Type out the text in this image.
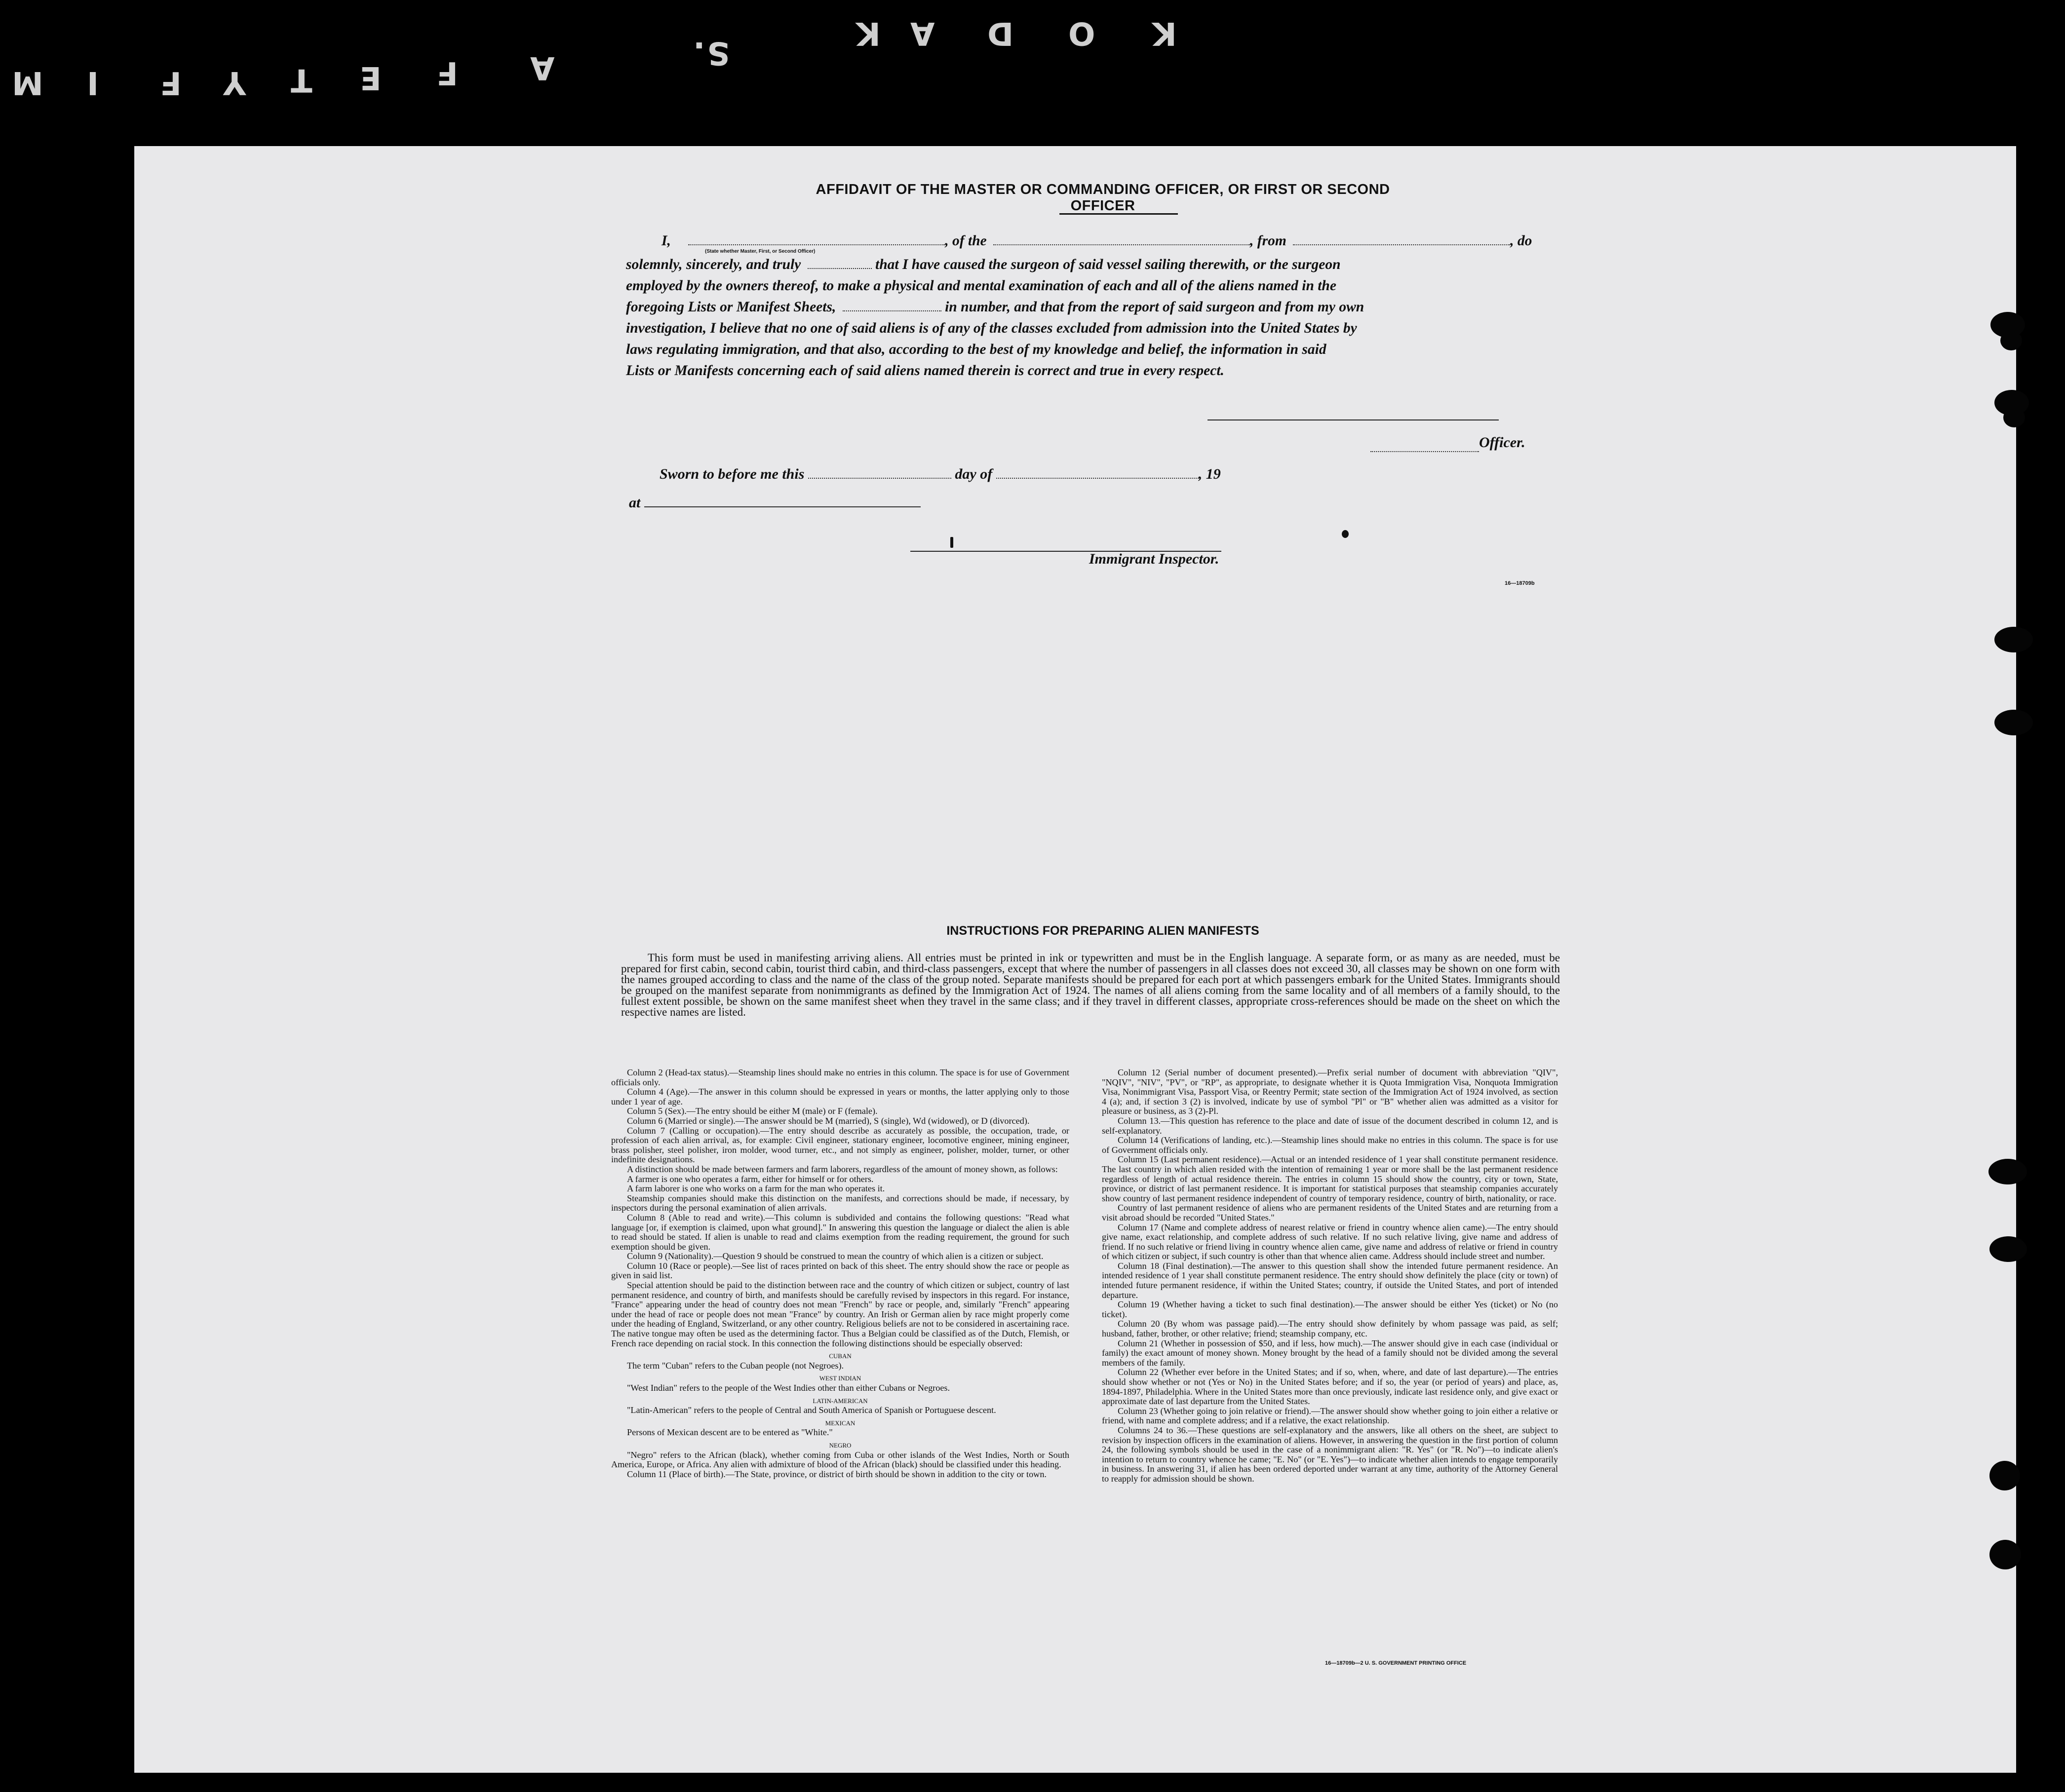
K
O
D
A
K
S.
A
F
E
T
Y
F
I
M
AFFIDAVIT OF THE MASTER OR COMMANDING OFFICER, OR FIRST OR SECOND OFFICER
I,	, of the	, from	, do
(State whether Master, First, or Second Officer)
solemnly, sincerely, and truly	that I have caused the surgeon of said vessel sailing therewith, or the surgeon
employed by the owners thereof, to make a physical and mental examination of each and all of the aliens named in the
foregoing Lists or Manifest Sheets,	in number, and that from the report of said surgeon and from my own
investigation, I believe that no one of said aliens is of any of the classes excluded from admission into the United States by
laws regulating immigration, and that also, according to the best of my knowledge and belief, the information in said
Lists or Manifests concerning each of said aliens named therein is correct and true in every respect.
Officer.
Sworn to before me this	day of	, 19
at
Immigrant Inspector.
16—18709b
INSTRUCTIONS FOR PREPARING ALIEN MANIFESTS
This form must be used in manifesting arriving aliens. All entries must be printed in ink or typewritten and must be in the English language. A separate form, or as many as are needed, must be prepared for first cabin, second cabin, tourist third cabin, and third-class passengers, except that where the number of passengers in all classes does not exceed 30, all classes may be shown on one form with the names grouped according to class and the name of the class of the group noted. Separate manifests should be prepared for each port at which passengers embark for the United States. Immigrants should be grouped on the manifest separate from nonimmigrants as defined by the Immigration Act of 1924. The names of all aliens coming from the same locality and of all members of a family should, to the fullest extent possible, be shown on the same manifest sheet when they travel in the same class; and if they travel in different classes, appropriate cross-references should be made on the sheet on which the respective names are listed.

Column 2 (Head-tax status).—Steamship lines should make no entries in this column. The space is for use of Government officials only.

Column 4 (Age).—The answer in this column should be expressed in years or months, the latter applying only to those under 1 year of age.

Column 5 (Sex).—The entry should be either M (male) or F (female).

Column 6 (Married or single).—The answer should be M (married), S (single), Wd (widowed), or D (divorced).

Column 7 (Calling or occupation).—The entry should describe as accurately as possible, the occupation, trade, or profession of each alien arrival, as, for example: Civil engineer, stationary engineer, locomotive engineer, mining engineer, brass polisher, steel polisher, iron molder, wood turner, etc., and not simply as engineer, polisher, molder, turner, or other indefinite designations.

A distinction should be made between farmers and farm laborers, regardless of the amount of money shown, as follows:

A farmer is one who operates a farm, either for himself or for others.

A farm laborer is one who works on a farm for the man who operates it.

Steamship companies should make this distinction on the manifests, and corrections should be made, if necessary, by inspectors during the personal examination of alien arrivals.

Column 8 (Able to read and write).—This column is subdivided and contains the following questions: "Read what language [or, if exemption is claimed, upon what ground]." In answering this question the language or dialect the alien is able to read should be stated. If alien is unable to read and claims exemption from the reading requirement, the ground for such exemption should be given.

Column 9 (Nationality).—Question 9 should be construed to mean the country of which alien is a citizen or subject.

Column 10 (Race or people).—See list of races printed on back of this sheet. The entry should show the race or people as given in said list.

Special attention should be paid to the distinction between race and the country of which citizen or subject, country of last permanent residence, and country of birth, and manifests should be carefully revised by inspectors in this regard. For instance, "France" appearing under the head of country does not mean "French" by race or people, and, similarly "French" appearing under the head of race or people does not mean "France" by country. An Irish or German alien by race might properly come under the heading of England, Switzerland, or any other country. Religious beliefs are not to be considered in ascertaining race. The native tongue may often be used as the determining factor. Thus a Belgian could be classified as of the Dutch, Flemish, or French race depending on racial stock. In this connection the following distinctions should be especially observed:

CUBAN

The term "Cuban" refers to the Cuban people (not Negroes).

WEST INDIAN

"West Indian" refers to the people of the West Indies other than either Cubans or Negroes.

LATIN-AMERICAN

"Latin-American" refers to the people of Central and South America of Spanish or Portuguese descent.

MEXICAN

Persons of Mexican descent are to be entered as "White."

NEGRO

"Negro" refers to the African (black), whether coming from Cuba or other islands of the West Indies, North or South America, Europe, or Africa. Any alien with admixture of blood of the African (black) should be classified under this heading.

Column 11 (Place of birth).—The State, province, or district of birth should be shown in addition to the city or town.

Column 12 (Serial number of document presented).—Prefix serial number of document with abbreviation "QIV", "NQIV", "NIV", "PV", or "RP", as appropriate, to designate whether it is Quota Immigration Visa, Nonquota Immigration Visa, Nonimmigrant Visa, Passport Visa, or Reentry Permit; state section of the Immigration Act of 1924 involved, as section 4 (a); and, if section 3 (2) is involved, indicate by use of symbol "Pl" or "B" whether alien was admitted as a visitor for pleasure or business, as 3 (2)-Pl.

Column 13.—This question has reference to the place and date of issue of the document described in column 12, and is self-explanatory.

Column 14 (Verifications of landing, etc.).—Steamship lines should make no entries in this column. The space is for use of Government officials only.

Column 15 (Last permanent residence).—Actual or an intended residence of 1 year shall constitute permanent residence. The last country in which alien resided with the intention of remaining 1 year or more shall be the last permanent residence regardless of length of actual residence therein. The entries in column 15 should show the country, city or town, State, province, or district of last permanent residence. It is important for statistical purposes that steamship companies accurately show country of last permanent residence independent of country of temporary residence, country of birth, nationality, or race.

Country of last permanent residence of aliens who are permanent residents of the United States and are returning from a visit abroad should be recorded "United States."

Column 17 (Name and complete address of nearest relative or friend in country whence alien came).—The entry should give name, exact relationship, and complete address of such relative. If no such relative living, give name and address of friend. If no such relative or friend living in country whence alien came, give name and address of relative or friend in country of which citizen or subject, if such country is other than that whence alien came. Address should include street and number.

Column 18 (Final destination).—The answer to this question shall show the intended future permanent residence. An intended residence of 1 year shall constitute permanent residence. The entry should show definitely the place (city or town) of intended future permanent residence, if within the United States; country, if outside the United States, and port of intended departure.

Column 19 (Whether having a ticket to such final destination).—The answer should be either Yes (ticket) or No (no ticket).

Column 20 (By whom was passage paid).—The entry should show definitely by whom passage was paid, as self; husband, father, brother, or other relative; friend; steamship company, etc.

Column 21 (Whether in possession of $50, and if less, how much).—The answer should give in each case (individual or family) the exact amount of money shown. Money brought by the head of a family should not be divided among the several members of the family.

Column 22 (Whether ever before in the United States; and if so, when, where, and date of last departure).—The entries should show whether or not (Yes or No) in the United States before; and if so, the year (or period of years) and place, as, 1894-1897, Philadelphia. Where in the United States more than once previously, indicate last residence only, and give exact or approximate date of last departure from the United States.

Column 23 (Whether going to join relative or friend).—The answer should show whether going to join either a relative or friend, with name and complete address; and if a relative, the exact relationship.

Columns 24 to 36.—These questions are self-explanatory and the answers, like all others on the sheet, are subject to revision by inspection officers in the examination of aliens. However, in answering the question in the first portion of column 24, the following symbols should be used in the case of a nonimmigrant alien: "R. Yes" (or "R. No")—to indicate alien's intention to return to country whence he came; "E. No" (or "E. Yes")—to indicate whether alien intends to engage temporarily in business. In answering 31, if alien has been ordered deported under warrant at any time, authority of the Attorney General to reapply for admission should be shown.

16—18709b—2 U. S. GOVERNMENT PRINTING OFFICE
